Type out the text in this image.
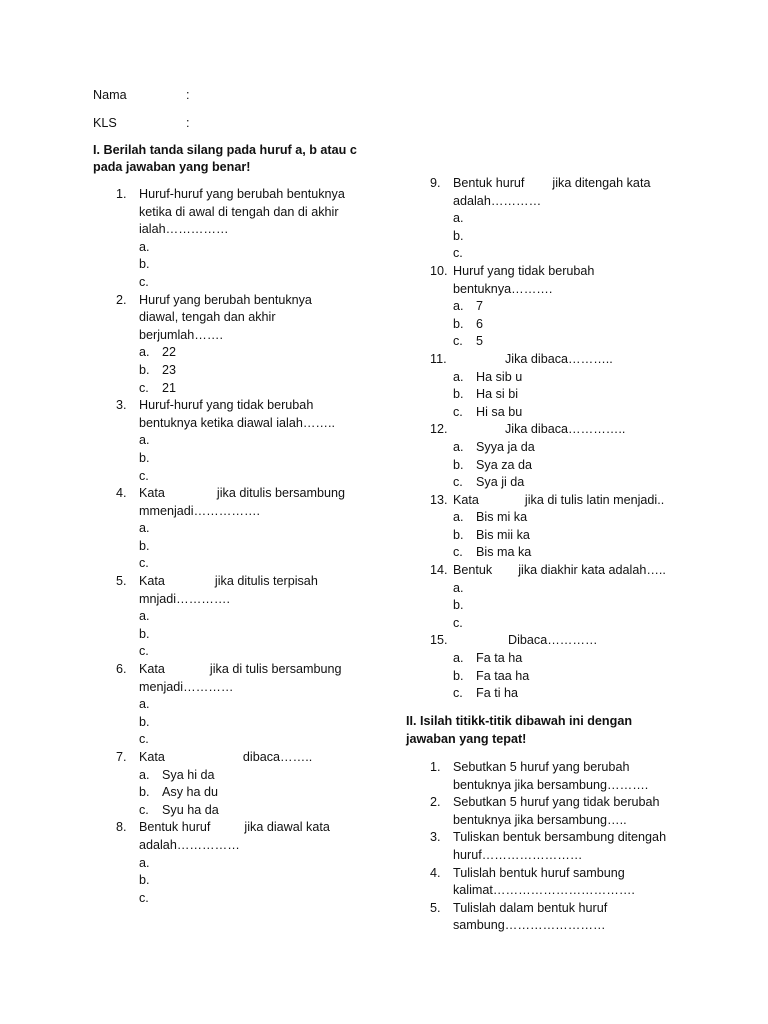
Nama	:
KLS	:
I. Berilah tanda silang pada huruf a, b atau c
pada jawaban yang benar!
1. Huruf-huruf yang berubah bentuknya ketika di awal di tengah dan di akhir ialah……………
a.
b.
c.
2. Huruf yang berubah bentuknya diawal, tengah dan akhir berjumlah…….
a. 22
b. 23
c. 21
3. Huruf-huruf yang tidak berubah bentuknya ketika diawal ialah……..
a.
b.
c.
4. Kata	jika ditulis bersambung
mmenjadi…………….
a.
b.
c.
5. Kata	jika ditulis terpisah
mnjadi………….
a.
b.
c.
6. Kata	jika di tulis bersambung
menjadi…………
a.
b.
c.
7. Kata	dibaca……..
a. Sya hi da
b. Asy ha du
c. Syu ha da
8. Bentuk huruf	jika diawal kata
adalah……………
a.
b.
c.
9. Bentuk huruf jika ditengah kata
adalah…………
a.
b.
c.
10. Huruf yang tidak berubah bentuknya……….
a. 7
b. 6
c. 5
11.	Jika dibaca………..
a. Ha sib u
b. Ha si bi
c. Hi sa bu
12.	Jika dibaca…………..
a. Syya ja da
b. Sya za da
c. Sya ji da
13. Kata	jika di tulis latin menjadi..
a. Bis mi ka
b. Bis mii ka
c. Bis ma ka
14. Bentuk jika diakhir kata adalah…..
a.
b.
c.
15.	Dibaca…………
a. Fa ta ha
b. Fa taa ha
c. Fa ti ha
II. Isilah titikk-titik dibawah ini dengan
jawaban yang tepat!
1. Sebutkan 5 huruf yang berubah bentuknya jika bersambung……….
2. Sebutkan 5 huruf yang tidak berubah bentuknya jika bersambung…..
3. Tuliskan bentuk bersambung ditengah huruf……………………
4. Tulislah bentuk huruf sambung kalimat…………………………….
5. Tulislah dalam bentuk huruf sambung……………………
